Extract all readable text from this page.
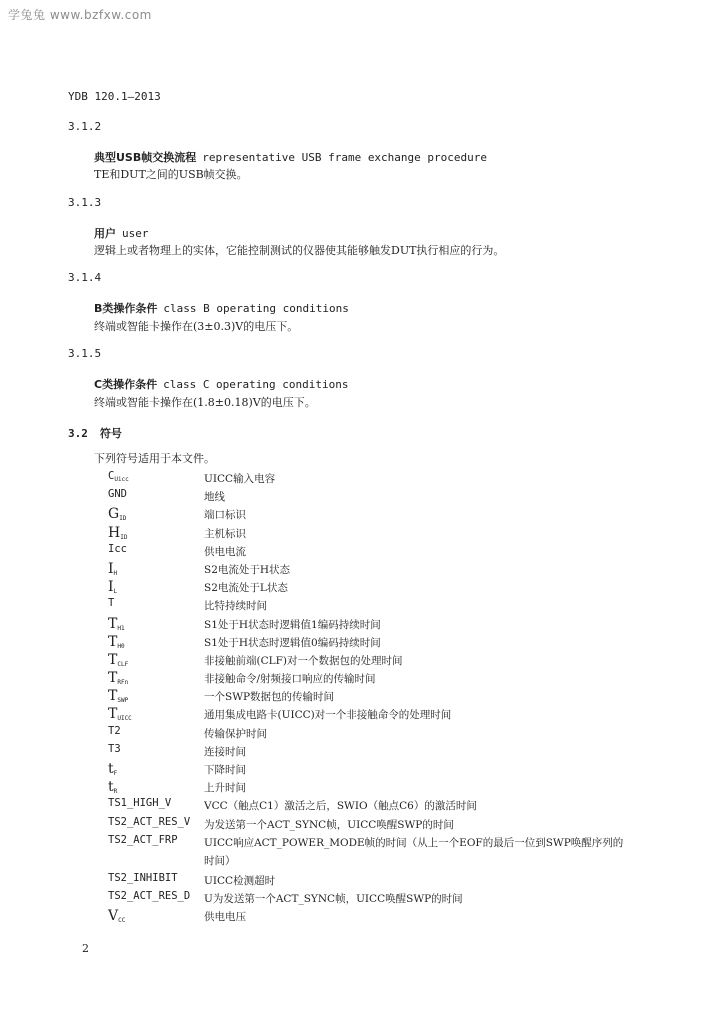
学兔兔 www.bzfxw.com
YDB 120.1—2013
3.1.2
典型USB帧交换流程 representative USB frame exchange procedure
TE和DUT之间的USB帧交换。
3.1.3
用户 user
逻辑上或者物理上的实体，它能控制测试的仪器使其能够触发DUT执行相应的行为。
3.1.4
B类操作条件 class B operating conditions
终端或智能卡操作在(3±0.3)V的电压下。
3.1.5
C类操作条件 class C operating conditions
终端或智能卡操作在(1.8±0.18)V的电压下。
3.2 符号
下列符号适用于本文件。
$C_{Uicc}$	UICC输入电容
GND	地线
$G_{ID}$	端口标识
$H_{ID}$	主机标识
Icc	供电电流
$I_H$	S2电流处于H状态
$I_L$	S2电流处于L状态
T	比特持续时间
$T_{H1}$	S1处于H状态时逻辑值1编码持续时间
$T_{H0}$	S1处于H状态时逻辑值0编码持续时间
$T_{CLF}$	非接触前端(CLF)对一个数据包的处理时间
$T_{RFn}$	非接触命令/射频接口响应的传输时间
$T_{SWP}$	一个SWP数据包的传输时间
$T_{UICC}$	通用集成电路卡(UICC)对一个非接触命令的处理时间
T2	传输保护时间
T3	连接时间
$t_F$	下降时间
$t_R$	上升时间
TS1_HIGH_V	VCC（触点C1）激活之后，SWIO（触点C6）的激活时间
TS2_ACT_RES_V 为发送第一个ACT_SYNC帧，UICC唤醒SWP的时间
TS2_ACT_FRP	UICC响应ACT_POWER_MODE帧的时间（从上一个EOF的最后一位到SWP唤醒序列的时间）
TS2_INHIBIT	UICC检测超时
TS2_ACT_RES_D U为发送第一个ACT_SYNC帧，UICC唤醒SWP的时间
$V_{CC}$	供电电压
2
